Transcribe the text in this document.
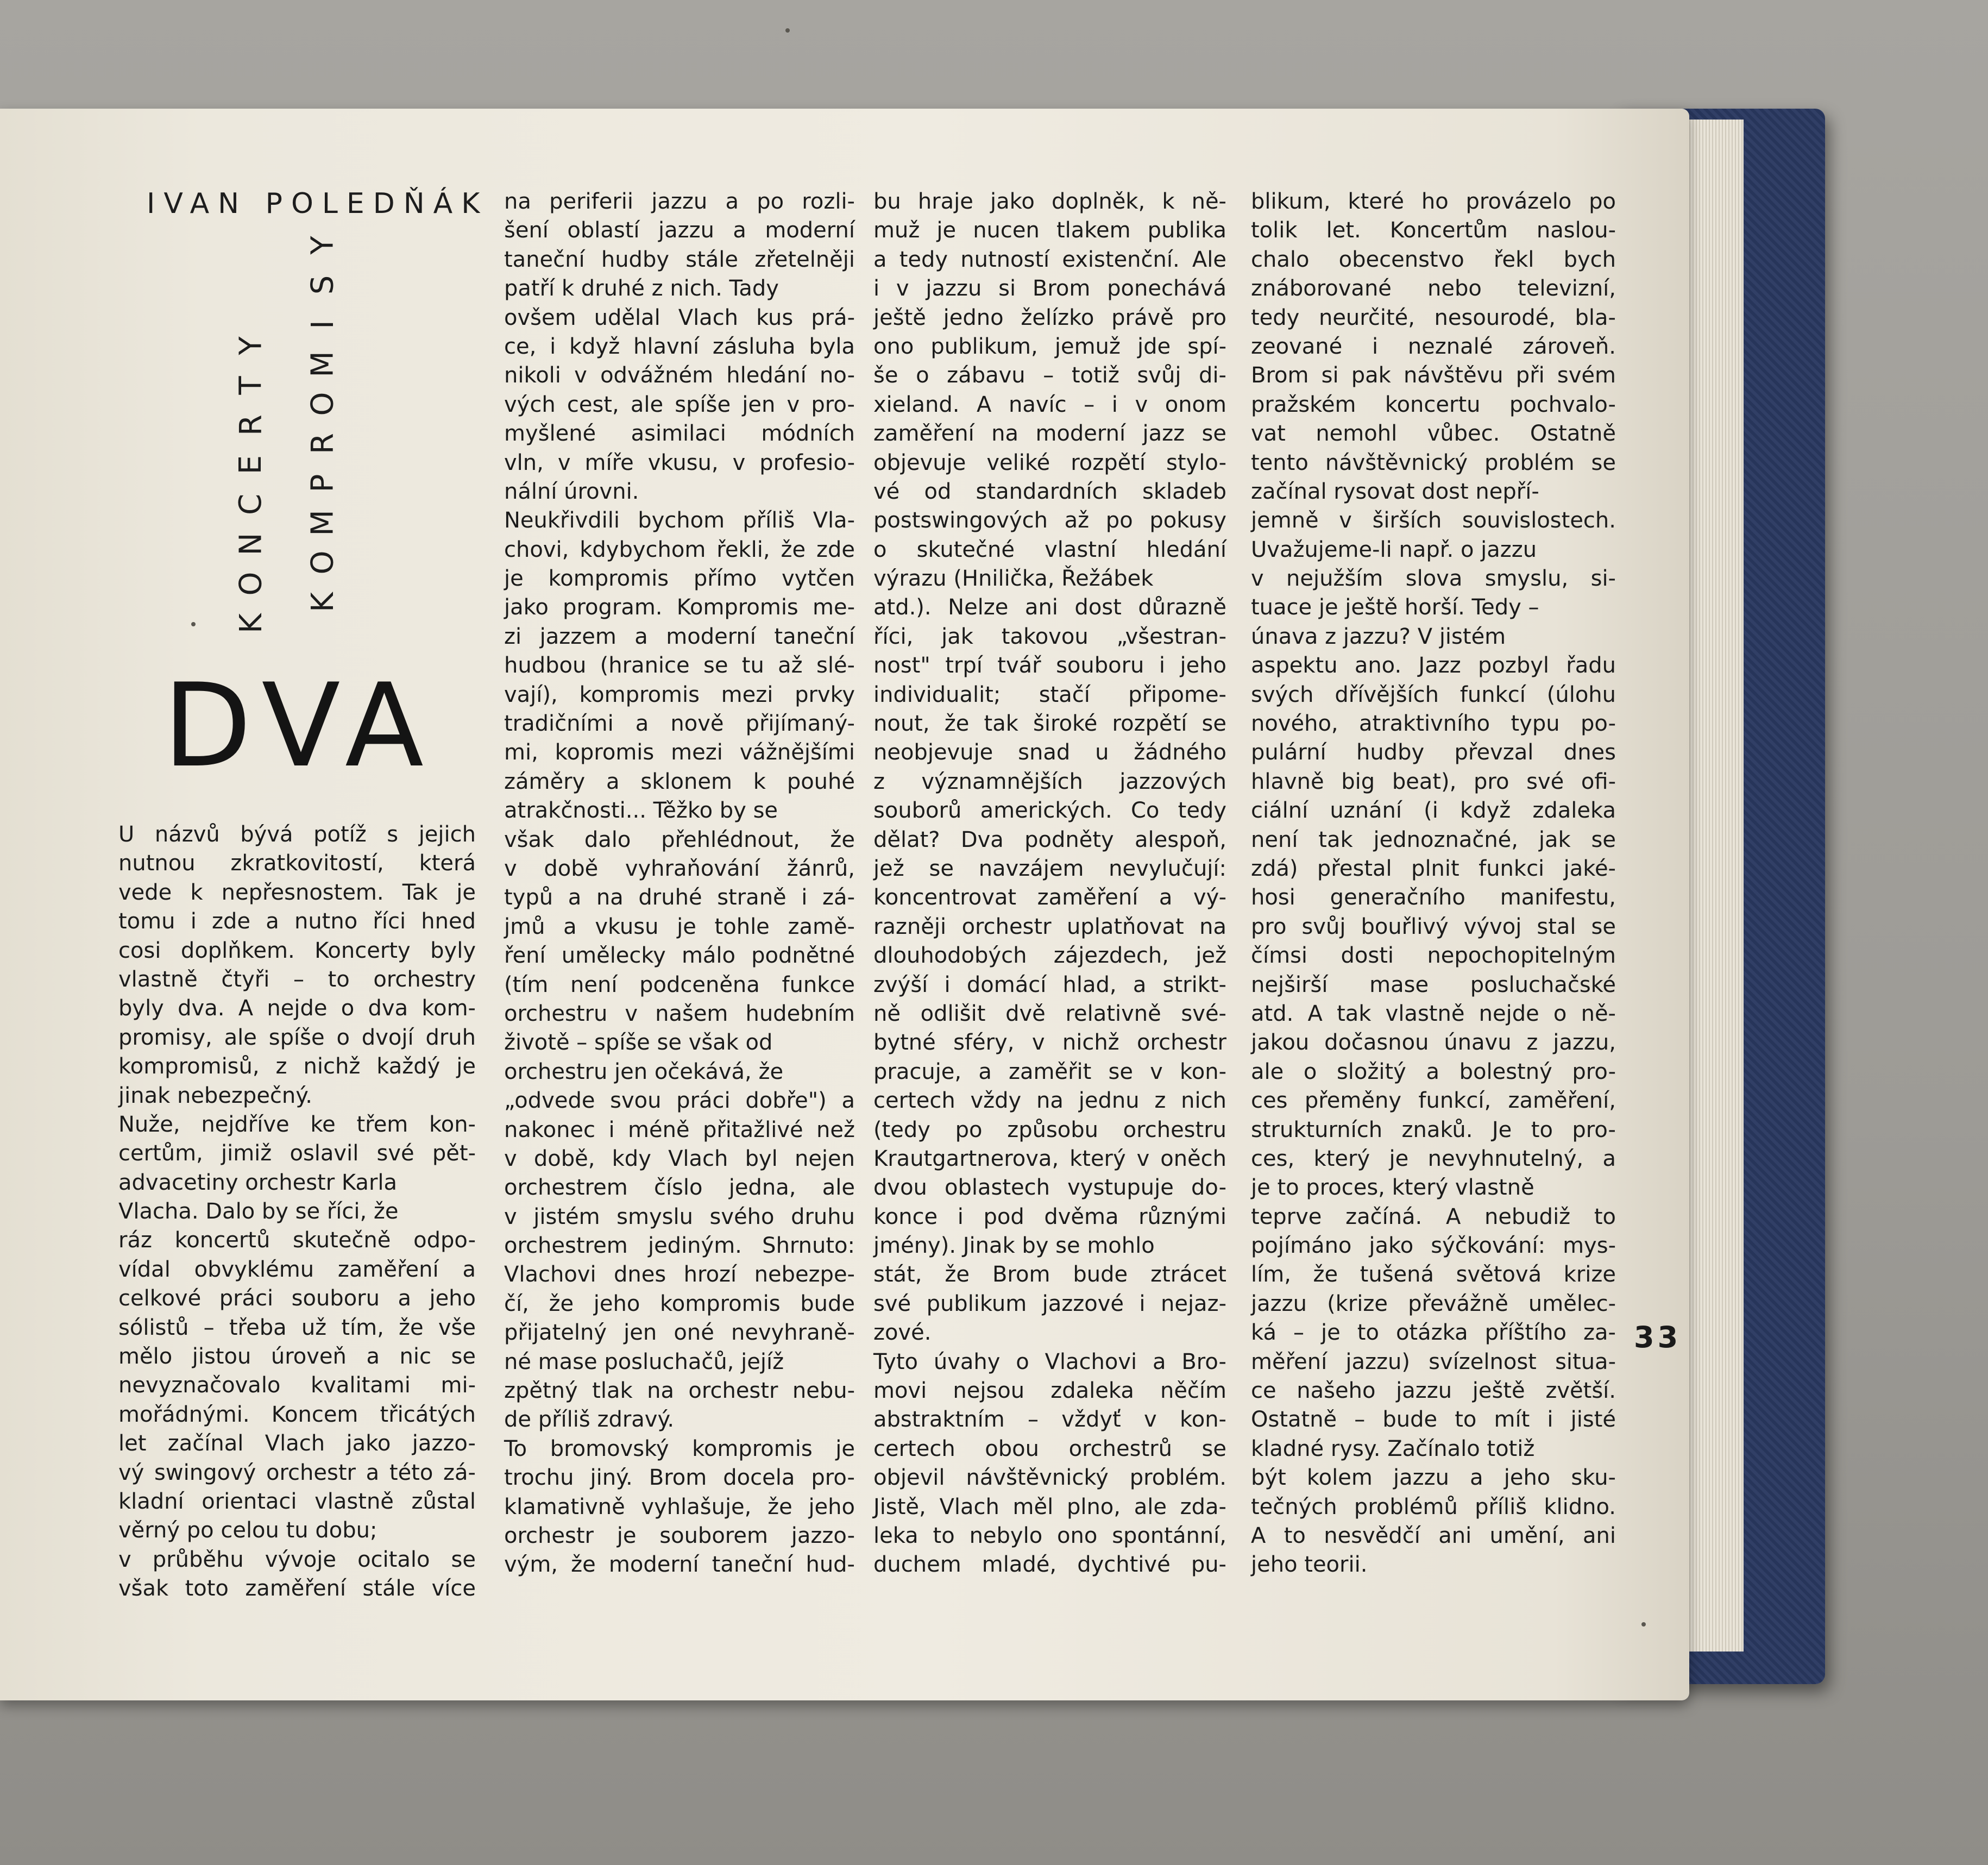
IVAN POLEDŇÁK
Y
T
R
E
C
N
O
K
Y
S
I
M
O
R
P
M
O
K
DVA
U názvů bývá potíž s jejich
nutnou zkratkovitostí, která
vede k nepřesnostem. Tak je
tomu i zde a nutno říci hned
cosi doplňkem. Koncerty byly
vlastně čtyři – to orchestry
byly dva. A nejde o dva kom-
promisy, ale spíše o dvojí druh
kompromisů, z nichž každý je
jinak nebezpečný.
Nuže, nejdříve ke třem kon-
certům, jimiž oslavil své pět-
advacetiny orchestr Karla
Vlacha. Dalo by se říci, že
ráz koncertů skutečně odpo-
vídal obvyklému zaměření a
celkové práci souboru a jeho
sólistů – třeba už tím, že vše
mělo jistou úroveň a nic se
nevyznačovalo kvalitami mi-
mořádnými. Koncem třicátých
let začínal Vlach jako jazzo-
vý swingový orchestr a této zá-
kladní orientaci vlastně zůstal
věrný po celou tu dobu;
v průběhu vývoje ocitalo se
však toto zaměření stále více
na periferii jazzu a po rozli-
šení oblastí jazzu a moderní
taneční hudby stále zřetelněji
patří k druhé z nich. Tady
ovšem udělal Vlach kus prá-
ce, i když hlavní zásluha byla
nikoli v odvážném hledání no-
vých cest, ale spíše jen v pro-
myšlené asimilaci módních
vln, v míře vkusu, v profesio-
nální úrovni.
Neukřivdili bychom příliš Vla-
chovi, kdybychom řekli, že zde
je kompromis přímo vytčen
jako program. Kompromis me-
zi jazzem a moderní taneční
hudbou (hranice se tu až slé-
vají), kompromis mezi prvky
tradičními a nově přijímaný-
mi, kopromis mezi vážnějšími
záměry a sklonem k pouhé
atrakčnosti... Těžko by se
však dalo přehlédnout, že
v době vyhraňování žánrů,
typů a na druhé straně i zá-
jmů a vkusu je tohle zamě-
ření umělecky málo podnětné
(tím není podceněna funkce
orchestru v našem hudebním
životě – spíše se však od
orchestru jen očekává, že
„odvede svou práci dobře") a
nakonec i méně přitažlivé než
v době, kdy Vlach byl nejen
orchestrem číslo jedna, ale
v jistém smyslu svého druhu
orchestrem jediným. Shrnuto:
Vlachovi dnes hrozí nebezpe-
čí, že jeho kompromis bude
přijatelný jen oné nevyhraně-
né mase posluchačů, jejíž
zpětný tlak na orchestr nebu-
de příliš zdravý.
To bromovský kompromis je
trochu jiný. Brom docela pro-
klamativně vyhlašuje, že jeho
orchestr je souborem jazzo-
vým, že moderní taneční hud-
bu hraje jako doplněk, k ně-
muž je nucen tlakem publika
a tedy nutností existenční. Ale
i v jazzu si Brom ponechává
ještě jedno želízko právě pro
ono publikum, jemuž jde spí-
še o zábavu – totiž svůj di-
xieland. A navíc – i v onom
zaměření na moderní jazz se
objevuje veliké rozpětí stylo-
vé od standardních skladeb
postswingových až po pokusy
o skutečné vlastní hledání
výrazu (Hnilička, Řežábek
atd.). Nelze ani dost důrazně
říci, jak takovou „všestran-
nost" trpí tvář souboru i jeho
individualit; stačí připome-
nout, že tak široké rozpětí se
neobjevuje snad u žádného
z významnějších jazzových
souborů amerických. Co tedy
dělat? Dva podněty alespoň,
jež se navzájem nevylučují:
koncentrovat zaměření a vý-
razněji orchestr uplatňovat na
dlouhodobých zájezdech, jež
zvýší i domácí hlad, a strikt-
ně odlišit dvě relativně své-
bytné sféry, v nichž orchestr
pracuje, a zaměřit se v kon-
certech vždy na jednu z nich
(tedy po způsobu orchestru
Krautgartnerova, který v oněch
dvou oblastech vystupuje do-
konce i pod dvěma různými
jmény). Jinak by se mohlo
stát, že Brom bude ztrácet
své publikum jazzové i nejaz-
zové.
Tyto úvahy o Vlachovi a Bro-
movi nejsou zdaleka něčím
abstraktním – vždyť v kon-
certech obou orchestrů se
objevil návštěvnický problém.
Jistě, Vlach měl plno, ale zda-
leka to nebylo ono spontánní,
duchem mladé, dychtivé pu-
blikum, které ho provázelo po
tolik let. Koncertům naslou-
chalo obecenstvo řekl bych
znáborované nebo televizní,
tedy neurčité, nesourodé, bla-
zeované i neznalé zároveň.
Brom si pak návštěvu při svém
pražském koncertu pochvalo-
vat nemohl vůbec. Ostatně
tento návštěvnický problém se
začínal rysovat dost nepří-
jemně v širších souvislostech.
Uvažujeme-li např. o jazzu
v nejužším slova smyslu, si-
tuace je ještě horší. Tedy –
únava z jazzu? V jistém
aspektu ano. Jazz pozbyl řadu
svých dřívějších funkcí (úlohu
nového, atraktivního typu po-
pulární hudby převzal dnes
hlavně big beat), pro své ofi-
ciální uznání (i když zdaleka
není tak jednoznačné, jak se
zdá) přestal plnit funkci jaké-
hosi generačního manifestu,
pro svůj bouřlivý vývoj stal se
čímsi dosti nepochopitelným
nejširší mase posluchačské
atd. A tak vlastně nejde o ně-
jakou dočasnou únavu z jazzu,
ale o složitý a bolestný pro-
ces přeměny funkcí, zaměření,
strukturních znaků. Je to pro-
ces, který je nevyhnutelný, a
je to proces, který vlastně
teprve začíná. A nebudiž to
pojímáno jako sýčkování: mys-
lím, že tušená světová krize
jazzu (krize převážně umělec-
ká – je to otázka příštího za-
měření jazzu) svízelnost situa-
ce našeho jazzu ještě zvětší.
Ostatně – bude to mít i jisté
kladné rysy. Začínalo totiž
být kolem jazzu a jeho sku-
tečných problémů příliš klidno.
A to nesvědčí ani umění, ani
jeho teorii.
33
